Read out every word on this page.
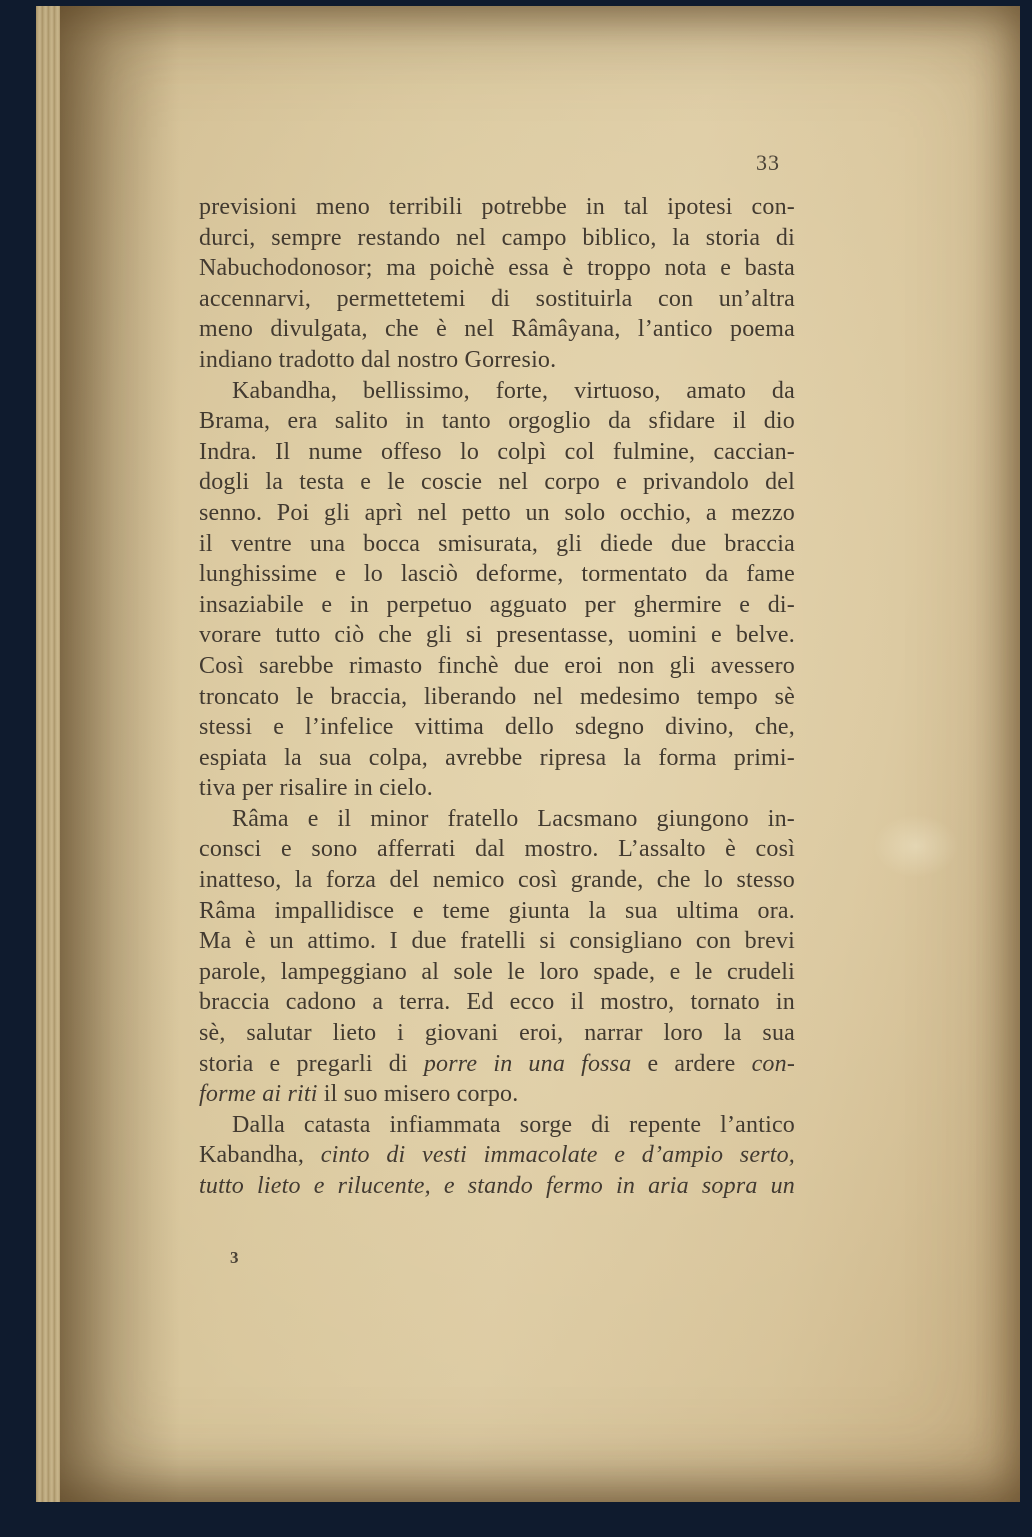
33
previsioni meno terribili potrebbe in tal ipotesi con-
durci, sempre restando nel campo biblico, la storia di
Nabuchodonosor; ma poichè essa è troppo nota e basta
accennarvi, permettetemi di sostituirla con un’altra
meno divulgata, che è nel Râmâyana, l’antico poema
indiano tradotto dal nostro Gorresio.
Kabandha, bellissimo, forte, virtuoso, amato da
Brama, era salito in tanto orgoglio da sfidare il dio
Indra. Il nume offeso lo colpì col fulmine, caccian-
dogli la testa e le coscie nel corpo e privandolo del
senno. Poi gli aprì nel petto un solo occhio, a mezzo
il ventre una bocca smisurata, gli diede due braccia
lunghissime e lo lasciò deforme, tormentato da fame
insaziabile e in perpetuo agguato per ghermire e di-
vorare tutto ciò che gli si presentasse, uomini e belve.
Così sarebbe rimasto finchè due eroi non gli avessero
troncato le braccia, liberando nel medesimo tempo sè
stessi e l’infelice vittima dello sdegno divino, che,
espiata la sua colpa, avrebbe ripresa la forma primi-
tiva per risalire in cielo.
Râma e il minor fratello Lacsmano giungono in-
consci e sono afferrati dal mostro. L’assalto è così
inatteso, la forza del nemico così grande, che lo stesso
Râma impallidisce e teme giunta la sua ultima ora.
Ma è un attimo. I due fratelli si consigliano con brevi
parole, lampeggiano al sole le loro spade, e le crudeli
braccia cadono a terra. Ed ecco il mostro, tornato in
sè, salutar lieto i giovani eroi, narrar loro la sua
storia e pregarli di porre in una fossa e ardere con-
forme ai riti il suo misero corpo.
Dalla catasta infiammata sorge di repente l’antico
Kabandha, cinto di vesti immacolate e d’ampio serto,
tutto lieto e rilucente, e stando fermo in aria sopra un
3
